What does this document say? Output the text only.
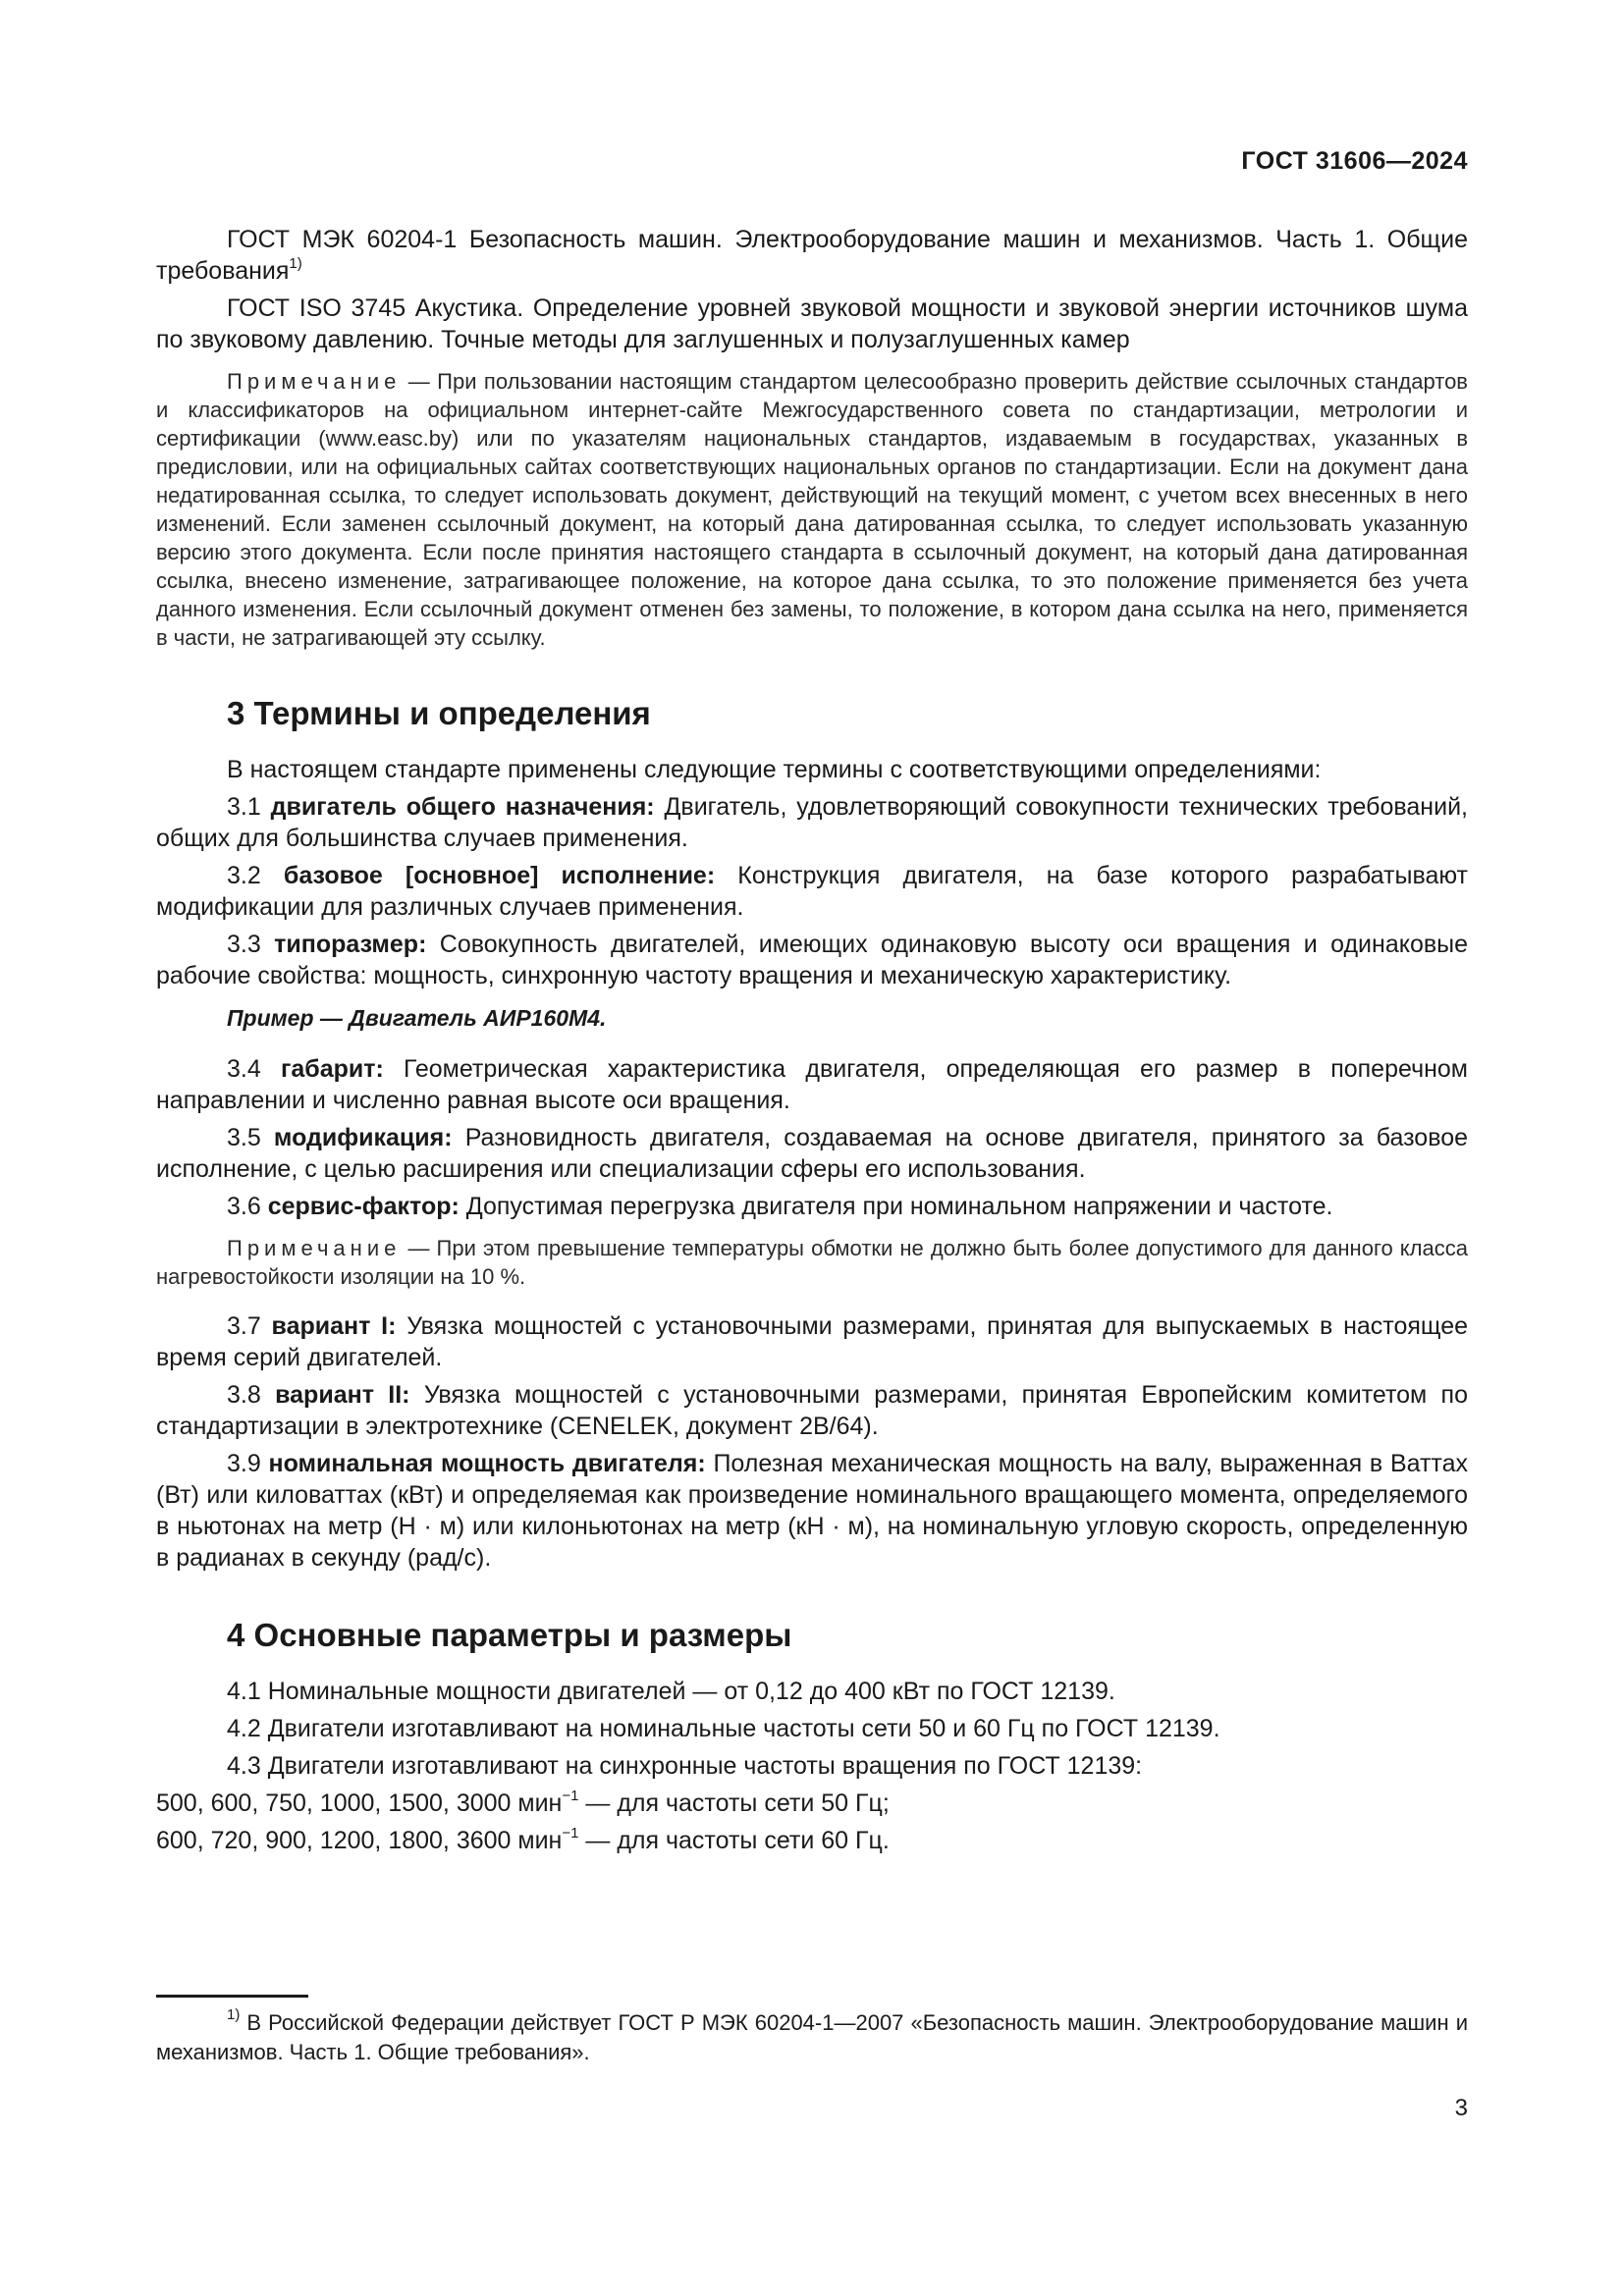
ГОСТ 31606—2024

ГОСТ МЭК 60204-1 Безопасность машин. Электрооборудование машин и механизмов. Часть 1. Общие требования$^{1)}$

ГОСТ ISO 3745 Акустика. Определение уровней звуковой мощности и звуковой энергии источников шума по звуковому давлению. Точные методы для заглушенных и полузаглушенных камер

Примечание — При пользовании настоящим стандартом целесообразно проверить действие ссылочных стандартов и классификаторов на официальном интернет-сайте Межгосударственного совета по стандартизации, метрологии и сертификации (www.easc.by) или по указателям национальных стандартов, издаваемым в государствах, указанных в предисловии, или на официальных сайтах соответствующих национальных органов по стандартизации. Если на документ дана недатированная ссылка, то следует использовать документ, действующий на текущий момент, с учетом всех внесенных в него изменений. Если заменен ссылочный документ, на который дана датированная ссылка, то следует использовать указанную версию этого документа. Если после принятия настоящего стандарта в ссылочный документ, на который дана датированная ссылка, внесено изменение, затрагивающее положение, на которое дана ссылка, то это положение применяется без учета данного изменения. Если ссылочный документ отменен без замены, то положение, в котором дана ссылка на него, применяется в части, не затрагивающей эту ссылку.

3 Термины и определения

В настоящем стандарте применены следующие термины с соответствующими определениями:

3.1 двигатель общего назначения: Двигатель, удовлетворяющий совокупности технических требований, общих для большинства случаев применения.

3.2 базовое [основное] исполнение: Конструкция двигателя, на базе которого разрабатывают модификации для различных случаев применения.

3.3 типоразмер: Совокупность двигателей, имеющих одинаковую высоту оси вращения и одинаковые рабочие свойства: мощность, синхронную частоту вращения и механическую характеристику.

Пример — Двигатель АИР160М4.

3.4 габарит: Геометрическая характеристика двигателя, определяющая его размер в поперечном направлении и численно равная высоте оси вращения.

3.5 модификация: Разновидность двигателя, создаваемая на основе двигателя, принятого за базовое исполнение, с целью расширения или специализации сферы его использования.

3.6 сервис-фактор: Допустимая перегрузка двигателя при номинальном напряжении и частоте.

Примечание — При этом превышение температуры обмотки не должно быть более допустимого для данного класса нагревостойкости изоляции на 10 %.

3.7 вариант I: Увязка мощностей с установочными размерами, принятая для выпускаемых в настоящее время серий двигателей.

3.8 вариант II: Увязка мощностей с установочными размерами, принятая Европейским комитетом по стандартизации в электротехнике (CENELEK, документ 2B/64).

3.9 номинальная мощность двигателя: Полезная механическая мощность на валу, выраженная в Ваттах (Вт) или киловаттах (кВт) и определяемая как произведение номинального вращающего момента, определяемого в ньютонах на метр (Н · м) или килоньютонах на метр (кН · м), на номинальную угловую скорость, определенную в радианах в секунду (рад/с).

4 Основные параметры и размеры

4.1 Номинальные мощности двигателей — от 0,12 до 400 кВт по ГОСТ 12139.

4.2 Двигатели изготавливают на номинальные частоты сети 50 и 60 Гц по ГОСТ 12139.

4.3 Двигатели изготавливают на синхронные частоты вращения по ГОСТ 12139:

500, 600, 750, 1000, 1500, 3000 мин$^{-1}$ — для частоты сети 50 Гц;

600, 720, 900, 1200, 1800, 3600 мин$^{-1}$ — для частоты сети 60 Гц.

$^{1)}$ В Российской Федерации действует ГОСТ Р МЭК 60204-1—2007 «Безопасность машин. Электрооборудование машин и механизмов. Часть 1. Общие требования».
3
